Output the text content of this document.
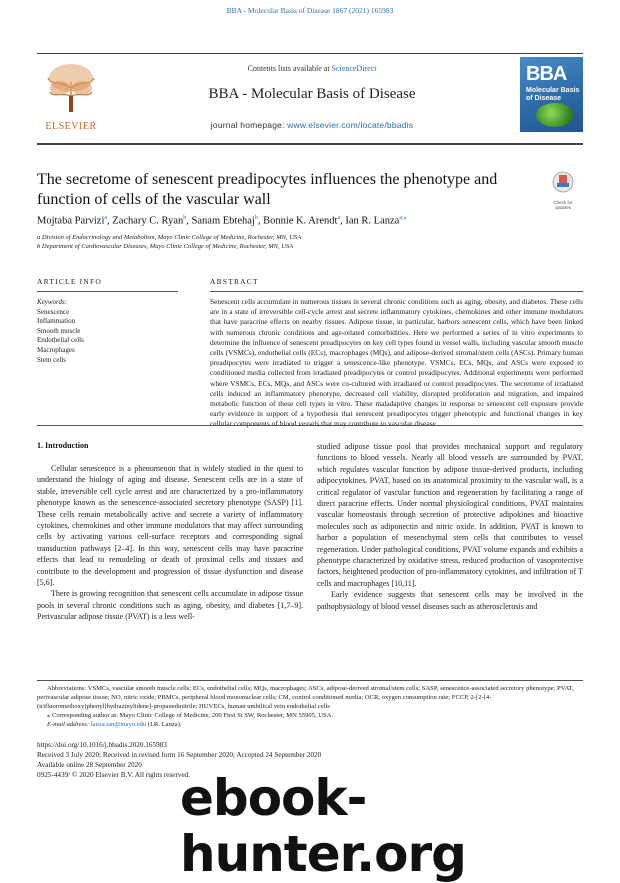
BBA - Molecular Basis of Disease 1867 (2021) 165983
ELSEVIER
Contents lists available at ScienceDirect
BBA - Molecular Basis of Disease
journal homepage: www.elsevier.com/locate/bbadis
BBA
Molecular Basis of Disease
The secretome of senescent preadipocytes influences the phenotype and function of cells of the vascular wall	Check for updates
Mojtaba Parvizi$^a$, Zachary C. Ryan$^b$, Sanam Ebtehaj$^b$, Bonnie K. Arendt$^a$, Ian R. Lanza$^{a,⁎}$
a Division of Endocrinology and Metabolism, Mayo Clinic College of Medicine, Rochester, MN, USA
b Department of Cardiovascular Diseases, Mayo Clinic College of Medicine, Rochester, MN, USA
ARTICLE INFO	ABSTRACT
Keywords:
Senescence
Inflammation
Smooth muscle
Endothelial cells
Macrophages
Stem cells
Senescent cells accumulate in numerous tissues in several chronic conditions such as aging, obesity, and diabetes. These cells are in a state of irreversible cell-cycle arrest and secrete inflammatory cytokines, chemokines and other immune modulators that have paracrine effects on nearby tissues. Adipose tissue, in particular, harbors senescent cells, which have been linked with numerous chronic conditions and age-related comorbidities. Here we performed a series of in vitro experiments to determine the influence of senescent preadipocytes on key cell types found in vessel walls, including vascular smooth muscle cells (VSMCs), endothelial cells (ECs), macrophages (MQs), and adipose-derived stromal/stem cells (ASCs). Primary human preadipocytes were irradiated to trigger a senescence-like phenotype. VSMCs, ECs, MQs, and ASCs were exposed to conditioned media collected from irradiated preadipocytes or control preadipocytes. Additional experiments were performed where VSMCs, ECs, MQs, and ASCs were co-cultured with irradiated or control preadipocytes. The secretome of irradiated cells induced an inflammatory phenotype, decreased cell viability, disrupted proliferation and migration, and impaired metabolic function of these cell types in vitro. These maladaptive changes in response to senescent cell exposure provide early evidence in support of a hypothesis that senescent preadipocytes trigger phenotypic and functional changes in key cellular components of blood vessels that may contribute to vascular disease.
1. Introduction

Cellular senescence is a phenomenon that is widely studied in the quest to understand the biology of aging and disease. Senescent cells are in a state of stable, irreversible cell cycle arrest and are characterized by a pro-inflammatory phenotype known as the senescence-associated secretory phenotype (SASP) [1]. These cells remain metabolically active and secrete a variety of inflammatory cytokines, chemokines and other immune modulators that may affect surrounding cells by activating various cell-surface receptors and corresponding signal transduction pathways [2–4]. In this way, senescent cells may have paracrine effects that lead to remodeling or death of proximal cells and tissues and contribute to the development and progression of tissue dysfunction and disease [5,6].

There is growing recognition that senescent cells accumulate in adipose tissue pools in several chronic conditions such as aging, obesity, and diabetes [1,7–9]. Perivascular adipose tissue (PVAT) is a less well-

studied adipose tissue pool that provides mechanical support and regulatory functions to blood vessels. Nearly all blood vessels are surrounded by PVAT, which regulates vascular function by adipose tissue-derived products, including adipocytokines. PVAT, based on its anatomical proximity to the vascular wall, is a critical regulator of vascular function and regeneration by facilitating a range of direct paracrine effects. Under normal physiological conditions, PVAT maintains vascular homeostasis through secretion of protective adipokines and bioactive molecules such as adiponectin and nitric oxide. In addition, PVAT is known to harbor a population of mesenchymal stem cells that contributes to vessel regeneration. Under pathological conditions, PVAT volume expands and exhibits a phenotype characterized by oxidative stress, reduced production of vasoprotective factors, heightened production of pro-inflammatory cytokines, and infiltration of T cells and macrophages [10,11].

Early evidence suggests that senescent cells may be involved in the pathophysiology of blood vessel diseases such as atherosclerosis and

Abbreviations: VSMCs, vascular smooth muscle cells; ECs, endothelial cells; MQs, macrophages; ASCs, adipose-derived stromal/stem cells; SASP, senescence-associated secretory phenotype; PVAT, perivascular adipose tissue; NO, nitric oxide; PBMCs, peripheral blood mononuclear cells; CM, control conditioned media; OCR, oxygen consumption rate; FCCP, 2-[2-[4-(trifluoromethoxy)phenyl]hydrazinylidene]-propanedinitrile; HUVECs, human umbilical vein endothelial cells
⁎ Corresponding author at: Mayo Clinic College of Medicine, 200 First St SW, Rochester, MN 55905, USA.
E-mail address: lanza.ian@mayo.edu (I.R. Lanza).
https://doi.org/10.1016/j.bbadis.2020.165983
Received 3 July 2020; Received in revised form 16 September 2020; Accepted 24 September 2020
Available online 28 September 2020
0925-4439/ © 2020 Elsevier B.V. All rights reserved.
ebook-hunter.org
